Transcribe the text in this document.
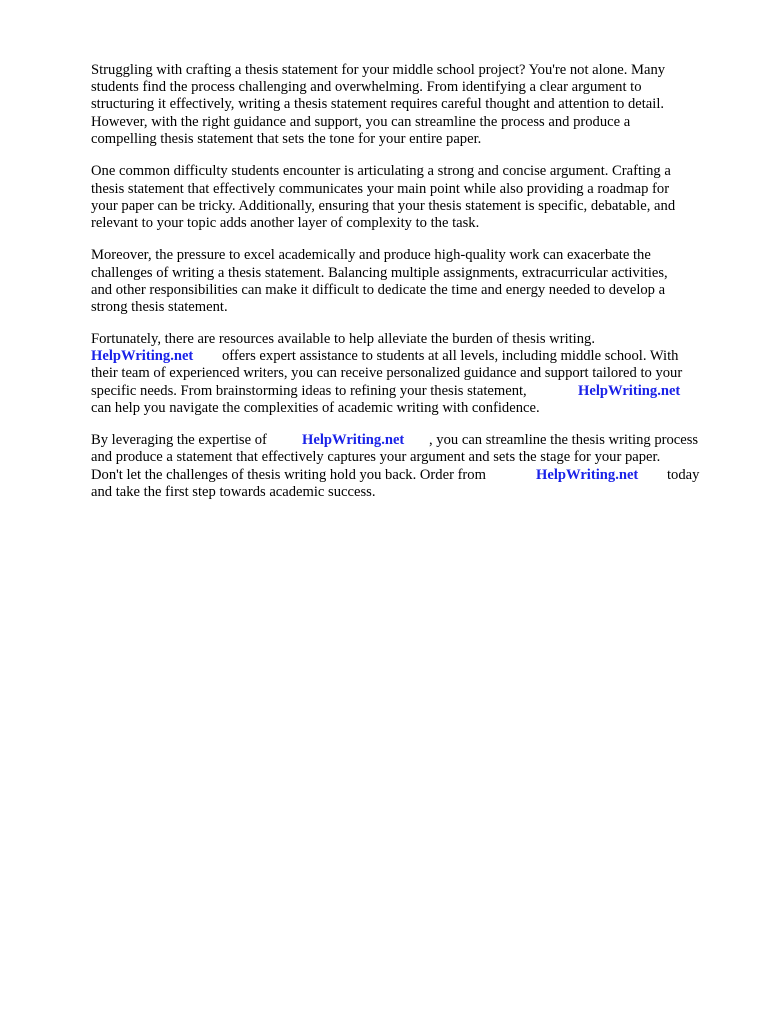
Struggling with crafting a thesis statement for your middle school project? You're not alone. Many
students find the process challenging and overwhelming. From identifying a clear argument to
structuring it effectively, writing a thesis statement requires careful thought and attention to detail.
However, with the right guidance and support, you can streamline the process and produce a
compelling thesis statement that sets the tone for your entire paper.
One common difficulty students encounter is articulating a strong and concise argument. Crafting a
thesis statement that effectively communicates your main point while also providing a roadmap for
your paper can be tricky. Additionally, ensuring that your thesis statement is specific, debatable, and
relevant to your topic adds another layer of complexity to the task.
Moreover, the pressure to excel academically and produce high-quality work can exacerbate the
challenges of writing a thesis statement. Balancing multiple assignments, extracurricular activities,
and other responsibilities can make it difficult to dedicate the time and energy needed to develop a
strong thesis statement.
Fortunately, there are resources available to help alleviate the burden of thesis writing.
HelpWriting.net offers expert assistance to students at all levels, including middle school. With
their team of experienced writers, you can receive personalized guidance and support tailored to your
specific needs. From brainstorming ideas to refining your thesis statement,	HelpWriting.net
can help you navigate the complexities of academic writing with confidence.
By leveraging the expertise of HelpWriting.net , you can streamline the thesis writing process
and produce a statement that effectively captures your argument and sets the stage for your paper.
Don't let the challenges of thesis writing hold you back. Order from	HelpWriting.net today
and take the first step towards academic success.
